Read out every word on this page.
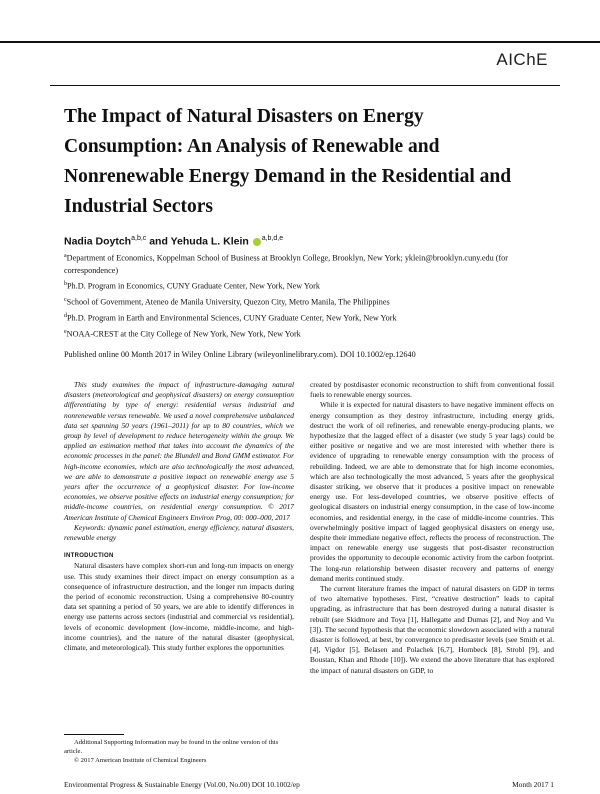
AIChE
The Impact of Natural Disasters on Energy Consumption: An Analysis of Renewable and Nonrenewable Energy Demand in the Residential and Industrial Sectors
Nadia Doytch$^{a,b,c}$ and Yehuda L. Klein $^{a,b,d,e}$
$^a$Department of Economics, Koppelman School of Business at Brooklyn College, Brooklyn, New York; yklein@brooklyn.cuny.edu (for correspondence)
$^b$Ph.D. Program in Economics, CUNY Graduate Center, New York, New York
$^c$School of Government, Ateneo de Manila University, Quezon City, Metro Manila, The Philippines
$^d$Ph.D. Program in Earth and Environmental Sciences, CUNY Graduate Center, New York, New York
$^e$NOAA-CREST at the City College of New York, New York, New York
Published online 00 Month 2017 in Wiley Online Library (wileyonlinelibrary.com). DOI 10.1002/ep.12640
This study examines the impact of infrastructure-damaging natural disasters (meteorological and geophysical disasters) on energy consumption differentiating by type of energy: residential versus industrial and nonrenewable versus renewable. We used a novel comprehensive unbalanced data set spanning 50 years (1961–2011) for up to 80 countries, which we group by level of development to reduce heterogeneity within the group. We applied an estimation method that takes into account the dynamics of the economic processes in the panel: the Blundell and Bond GMM estimator. For high-income economies, which are also technologically the most advanced, we are able to demonstrate a positive impact on renewable energy use 5 years after the occurrence of a geophysical disaster. For low-income economies, we observe positive effects on industrial energy consumption; for middle-income countries, on residential energy consumption. © 2017 American Institute of Chemical Engineers Environ Prog, 00: 000–000, 2017
Keywords: dynamic panel estimation, energy efficiency, natural disasters, renewable energy
INTRODUCTION
Natural disasters have complex short-run and long-run impacts on energy use. This study examines their direct impact on energy consumption as a consequence of infrastructure destruction, and the longer run impacts during the period of economic reconstruction. Using a comprehensive 80-country data set spanning a period of 50 years, we are able to identify differences in energy use patterns across sectors (industrial and commercial vs residential), levels of economic development (low-income, middle-income, and high-income countries), and the nature of the natural disaster (geophysical, climate, and meteorological). This study further explores the opportunities
created by postdisaster economic reconstruction to shift from conventional fossil fuels to renewable energy sources.
While it is expected for natural disasters to have negative imminent effects on energy consumption as they destroy infrastructure, including energy grids, destruct the work of oil refineries, and renewable energy-producing plants, we hypothesize that the lagged effect of a disaster (we study 5 year lags) could be either positive or negative and we are most interested with whether there is evidence of upgrading to renewable energy consumption with the process of rebuilding. Indeed, we are able to demonstrate that for high income economies, which are also technologically the most advanced, 5 years after the geophysical disaster striking, we observe that it produces a positive impact on renewable energy use. For less-developed countries, we observe positive effects of geological disasters on industrial energy consumption, in the case of low-income economies, and residential energy, in the case of middle-income countries. This overwhelmingly positive impact of lagged geophysical disasters on energy use, despite their immediate negative effect, reflects the process of reconstruction. The impact on renewable energy use suggests that post-disaster reconstruction provides the opportunity to decouple economic activity from the carbon footprint. The long-run relationship between disaster recovery and patterns of energy demand merits continued study.
The current literature frames the impact of natural disasters on GDP in terms of two alternative hypotheses. First, “creative destruction” leads to capital upgrading, as infrastructure that has been destroyed during a natural disaster is rebuilt (see Skidmore and Toya [1], Hallegatte and Dumas [2], and Noy and Vu [3]). The second hypothesis that the economic slowdown associated with a natural disaster is followed, at best, by convergence to predisaster levels (see Smith et al. [4], Vigdor [5], Belasen and Polachek [6,7], Hornbeck [8], Strobl [9], and Boustan, Khan and Rhode [10]). We extend the above literature that has explored the impact of natural disasters on GDP, to
Additional Supporting Information may be found in the online version of this article.
© 2017 American Institute of Chemical Engineers
Environmental Progress & Sustainable Energy (Vol.00, No.00) DOI 10.1002/ep	Month 2017 1
